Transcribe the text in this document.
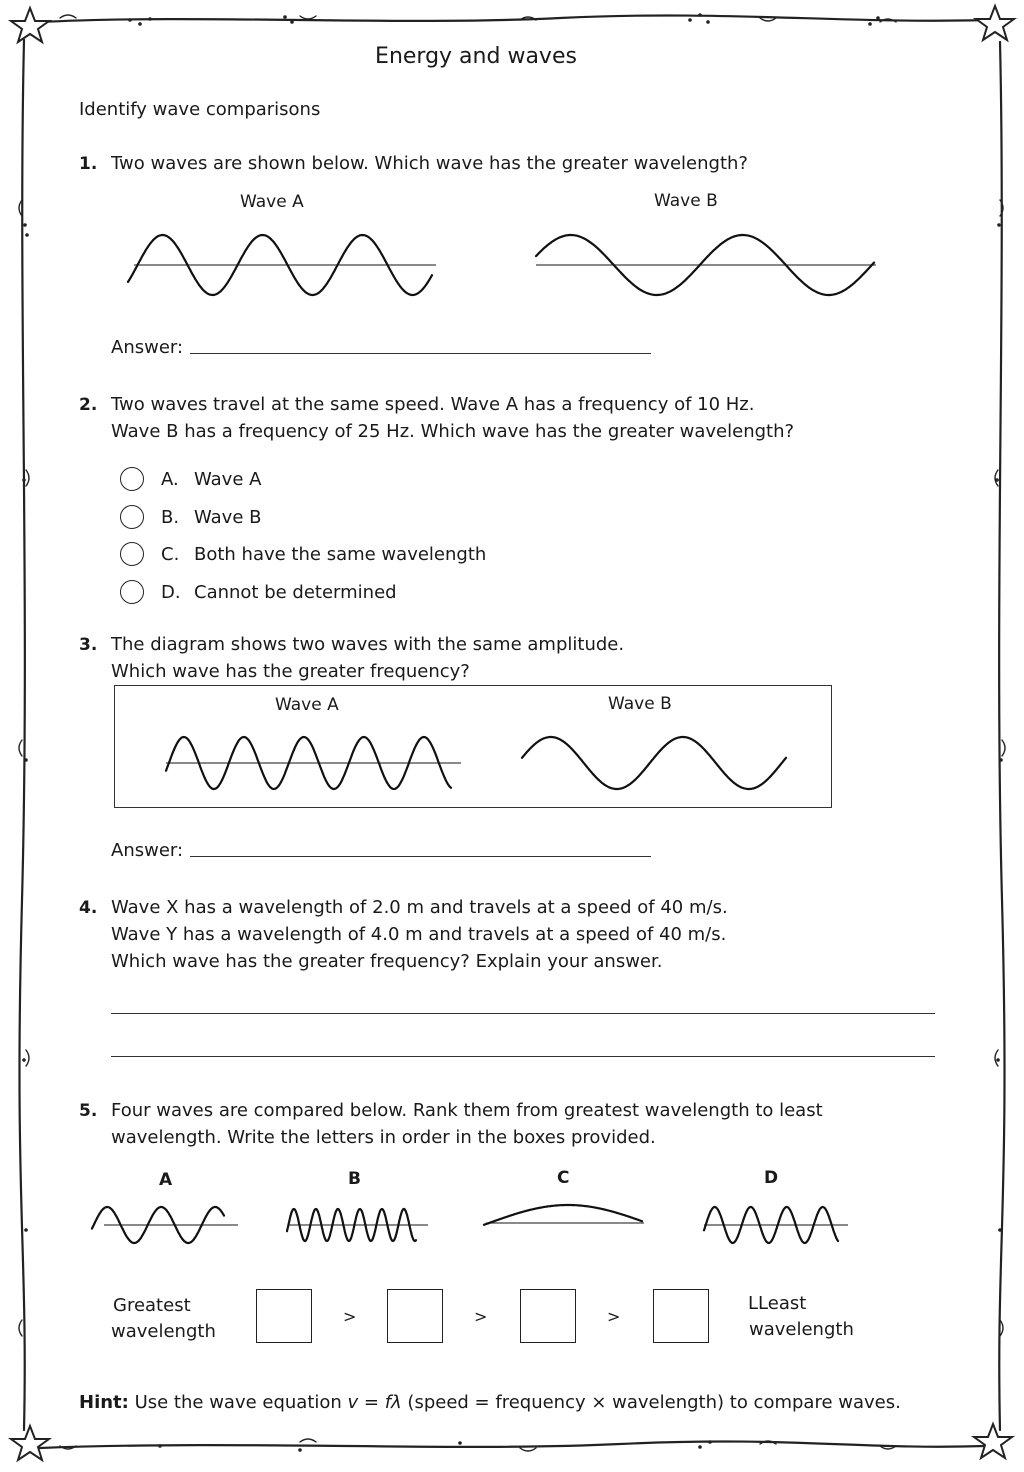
Energy and waves
Identify wave comparisons
1. Two waves are shown below. Which wave has the greater wavelength?
Wave A	Wave B
Answer:
2. Two waves travel at the same speed. Wave A has a frequency of 10 Hz.
Wave B has a frequency of 25 Hz. Which wave has the greater wavelength?
A. Wave A
B. Wave B
C. Both have the same wavelength
D. Cannot be determined
3. The diagram shows two waves with the same amplitude.
Which wave has the greater frequency?
Wave A	Wave B
Answer:
4. Wave X has a wavelength of 2.0 m and travels at a speed of 40 m/s.
Wave Y has a wavelength of 4.0 m and travels at a speed of 40 m/s.
Which wave has the greater frequency? Explain your answer.
5. Four waves are compared below. Rank them from greatest wavelength to least
wavelength. Write the letters in order in the boxes provided.
A	B	C	D
Greatest
wavelength
>	>	>
LLeast
wavelength
Hint: Use the wave equation v = fλ (speed = frequency × wavelength) to compare waves.
